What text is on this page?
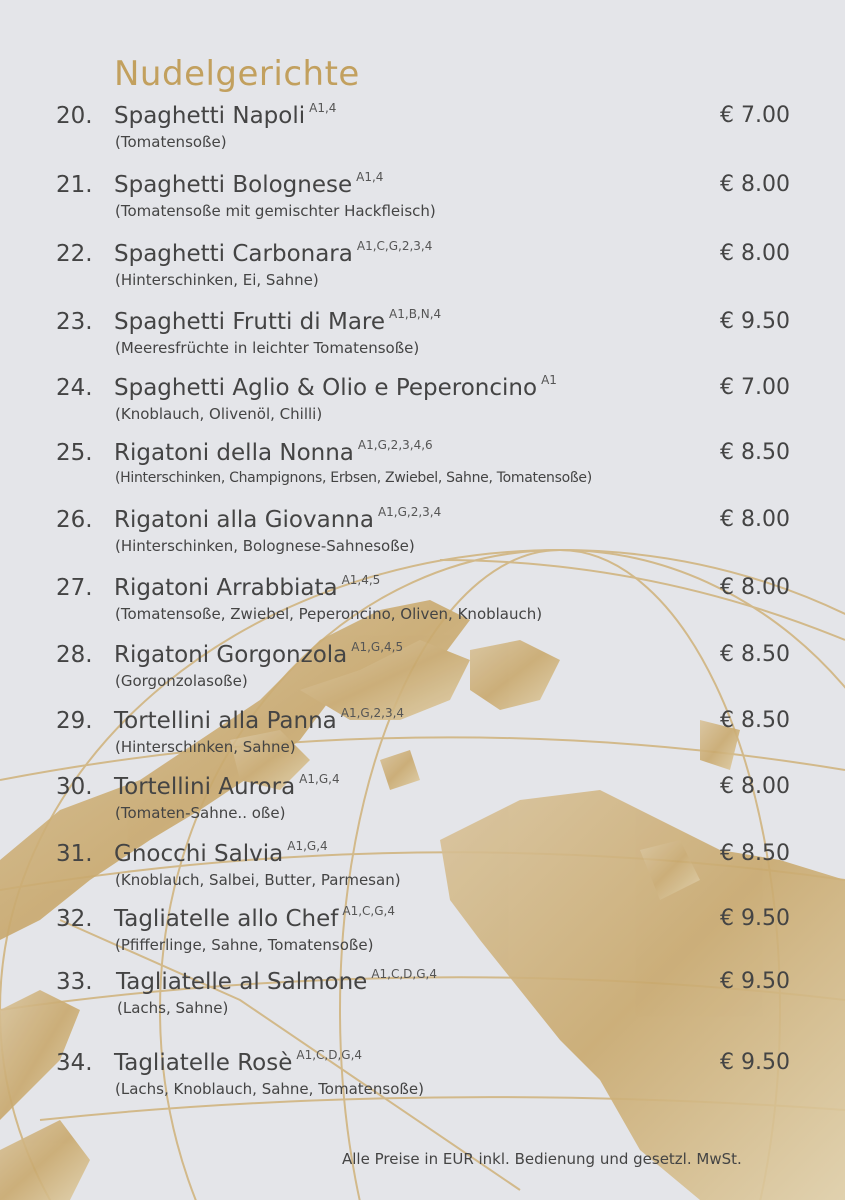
Nudelgerichte
20. Spaghetti Napoli $^{A1,4}$
(Tomatensoße)
€ 7.00
21. Spaghetti Bolognese $^{A1,4}$
(Tomatensoße mit gemischter Hackfleisch)
€ 8.00
22. Spaghetti Carbonara $^{A1,C,G,2,3,4}$
(Hinterschinken, Ei, Sahne)
€ 8.00
23. Spaghetti Frutti di Mare $^{A1,B,N,4}$
(Meeresfrüchte in leichter Tomatensoße)
€ 9.50
24. Spaghetti Aglio & Olio e Peperoncino $^{A1}$
(Knoblauch, Olivenöl, Chilli)
€ 7.00
25. Rigatoni della Nonna $^{A1,G,2,3,4,6}$
(Hinterschinken, Champignons, Erbsen, Zwiebel, Sahne, Tomatensoße)
€ 8.50
26. Rigatoni alla Giovanna $^{A1,G,2,3,4}$
(Hinterschinken, Bolognese-Sahnesoße)
€ 8.00
27. Rigatoni Arrabbiata $^{A1,4,5}$
(Tomatensoße, Zwiebel, Peperoncino, Oliven, Knoblauch)
€ 8.00
28. Rigatoni Gorgonzola $^{A1,G,4,5}$
(Gorgonzolasoße)
€ 8.50
29. Tortellini alla Panna $^{A1,G,2,3,4}$
(Hinterschinken, Sahne)
€ 8.50
30. Tortellini Aurora $^{A1,G,4}$
(Tomaten-Sahne.. oße)
€ 8.00
31. Gnocchi Salvia $^{A1,G,4}$
(Knoblauch, Salbei, Butter, Parmesan)
€ 8.50
32. Tagliatelle allo Chef $^{A1,C,G,4}$
(Pfifferlinge, Sahne, Tomatensoße)
€ 9.50
33. Tagliatelle al Salmone $^{A1,C,D,G,4}$
(Lachs, Sahne)
€ 9.50
34. Tagliatelle Rosè $^{A1,C,D,G,4}$
(Lachs, Knoblauch, Sahne, Tomatensoße)
€ 9.50
Alle Preise in EUR inkl. Bedienung und gesetzl. MwSt.
